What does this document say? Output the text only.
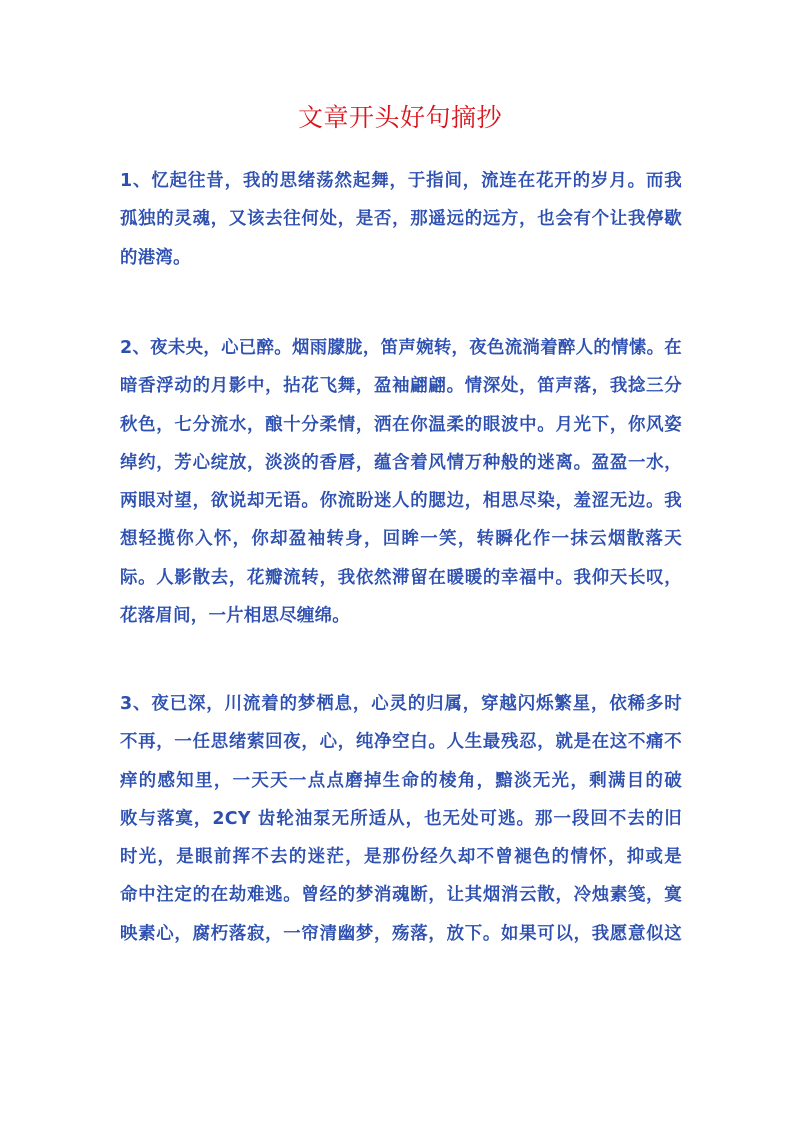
文章开头好句摘抄
1、忆起往昔，我的思绪荡然起舞，于指间，流连在花开的岁月。而我
孤独的灵魂，又该去往何处，是否，那遥远的远方，也会有个让我停歇
的港湾。
2、夜未央，心已醉。烟雨朦胧，笛声婉转，夜色流淌着醉人的情愫。在
暗香浮动的月影中，拈花飞舞，盈袖翩翩。情深处，笛声落，我捻三分
秋色，七分流水，酿十分柔情，洒在你温柔的眼波中。月光下，你风姿
绰约，芳心绽放，淡淡的香唇，蕴含着风情万种般的迷离。盈盈一水，
两眼对望，欲说却无语。你流盼迷人的腮边，相思尽染，羞涩无边。我
想轻揽你入怀，你却盈袖转身，回眸一笑，转瞬化作一抹云烟散落天
际。人影散去，花瓣流转，我依然滞留在暖暖的幸福中。我仰天长叹，
花落眉间，一片相思尽缠绵。
3、夜已深，川流着的梦栖息，心灵的归属，穿越闪烁繁星，依稀多时
不再，一任思绪萦回夜，心，纯净空白。人生最残忍，就是在这不痛不
痒的感知里，一天天一点点磨掉生命的棱角，黯淡无光，剩满目的破
败与落寞，2CY 齿轮油泵无所适从，也无处可逃。那一段回不去的旧
时光，是眼前挥不去的迷茫，是那份经久却不曾褪色的情怀，抑或是
命中注定的在劫难逃。曾经的梦消魂断，让其烟消云散，冷烛素笺，寞
映素心，腐朽落寂，一帘清幽梦，殇落，放下。如果可以，我愿意似这
